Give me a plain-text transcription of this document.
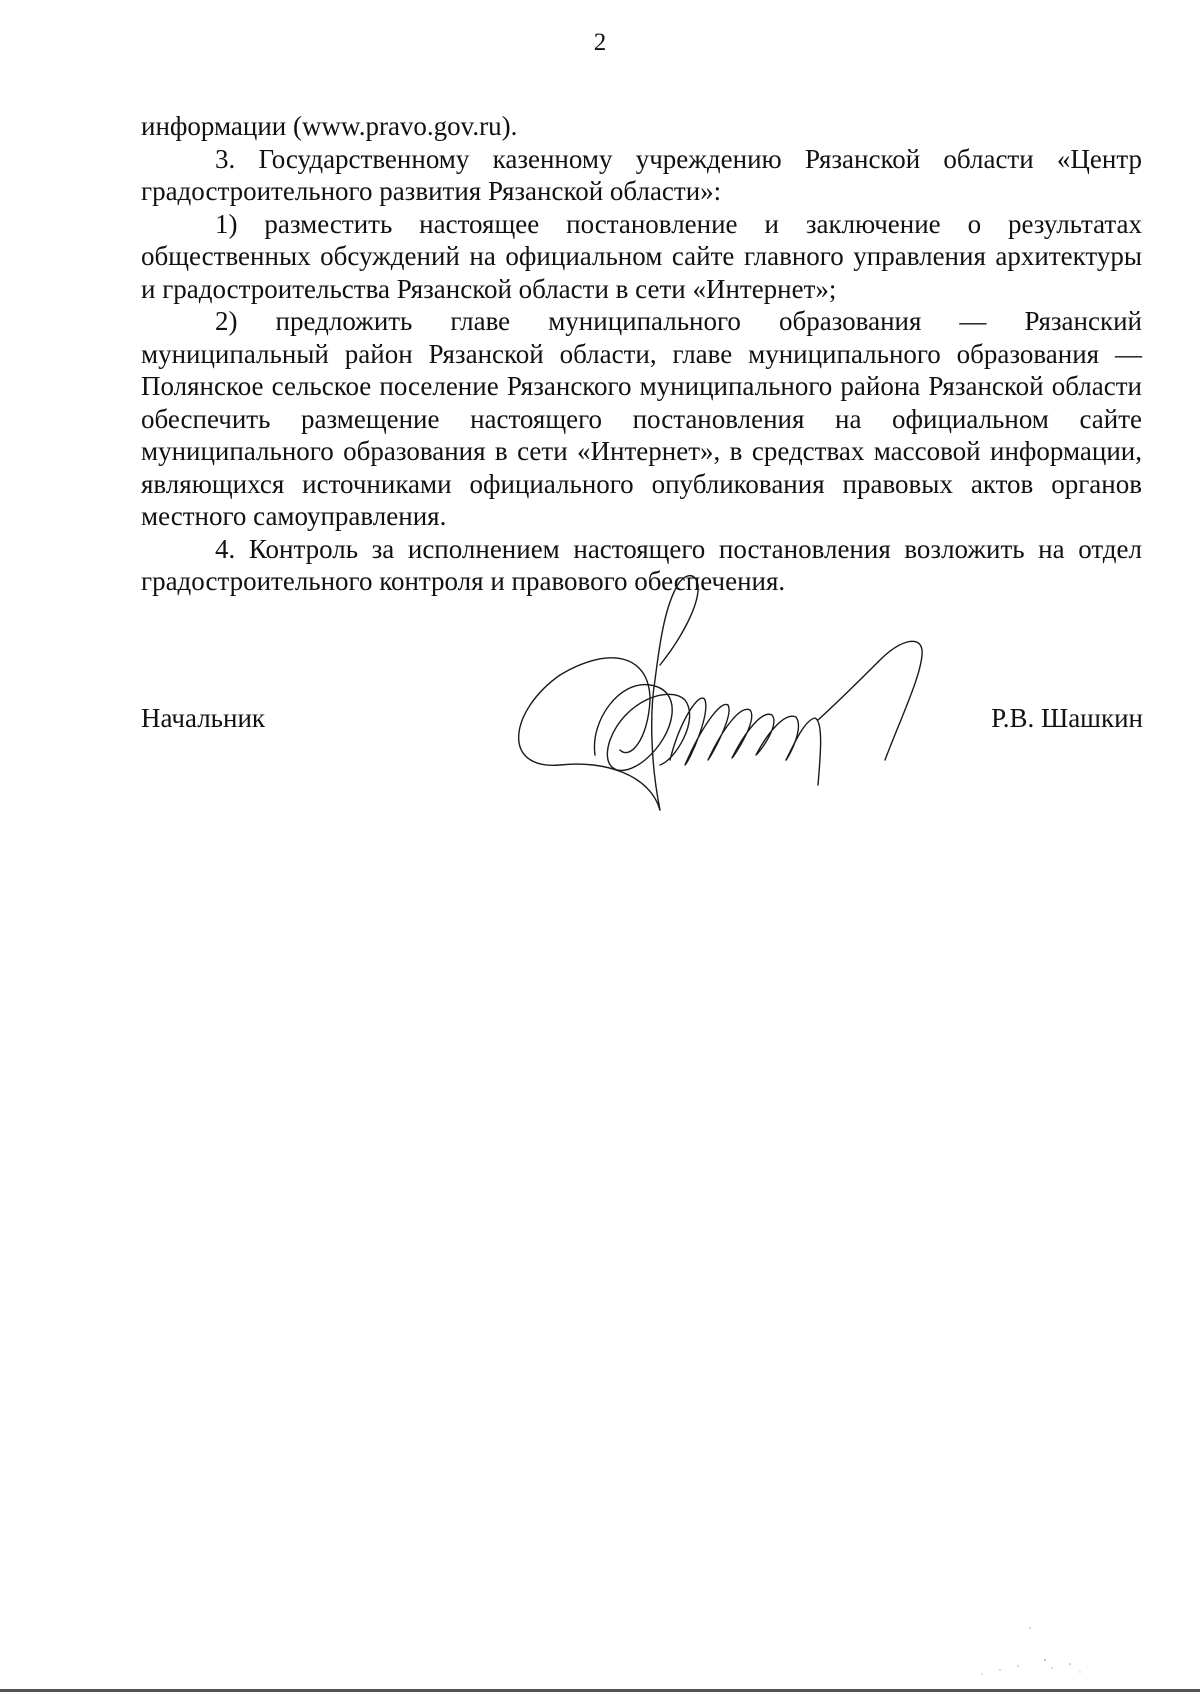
2

информации (www.pravo.gov.ru).

3. Государственному казенному учреждению Рязанской области «Центр градостроительного развития Рязанской области»:

1) разместить настоящее постановление и заключение о результатах общественных обсуждений на официальном сайте главного управления архитектуры и градостроительства Рязанской области в сети «Интернет»;

2) предложить главе муниципального образования — Рязанский муниципальный район Рязанской области, главе муниципального образования — Полянское сельское поселение Рязанского муниципального района Рязанской области обеспечить размещение настоящего постановления на официальном сайте муниципального образования в сети «Интернет», в средствах массовой информации, являющихся источниками официального опубликования правовых актов органов местного самоуправления.

4. Контроль за исполнением настоящего постановления возложить на отдел градостроительного контроля и правового обеспечения.

Начальник	Р.В. Шашкин
